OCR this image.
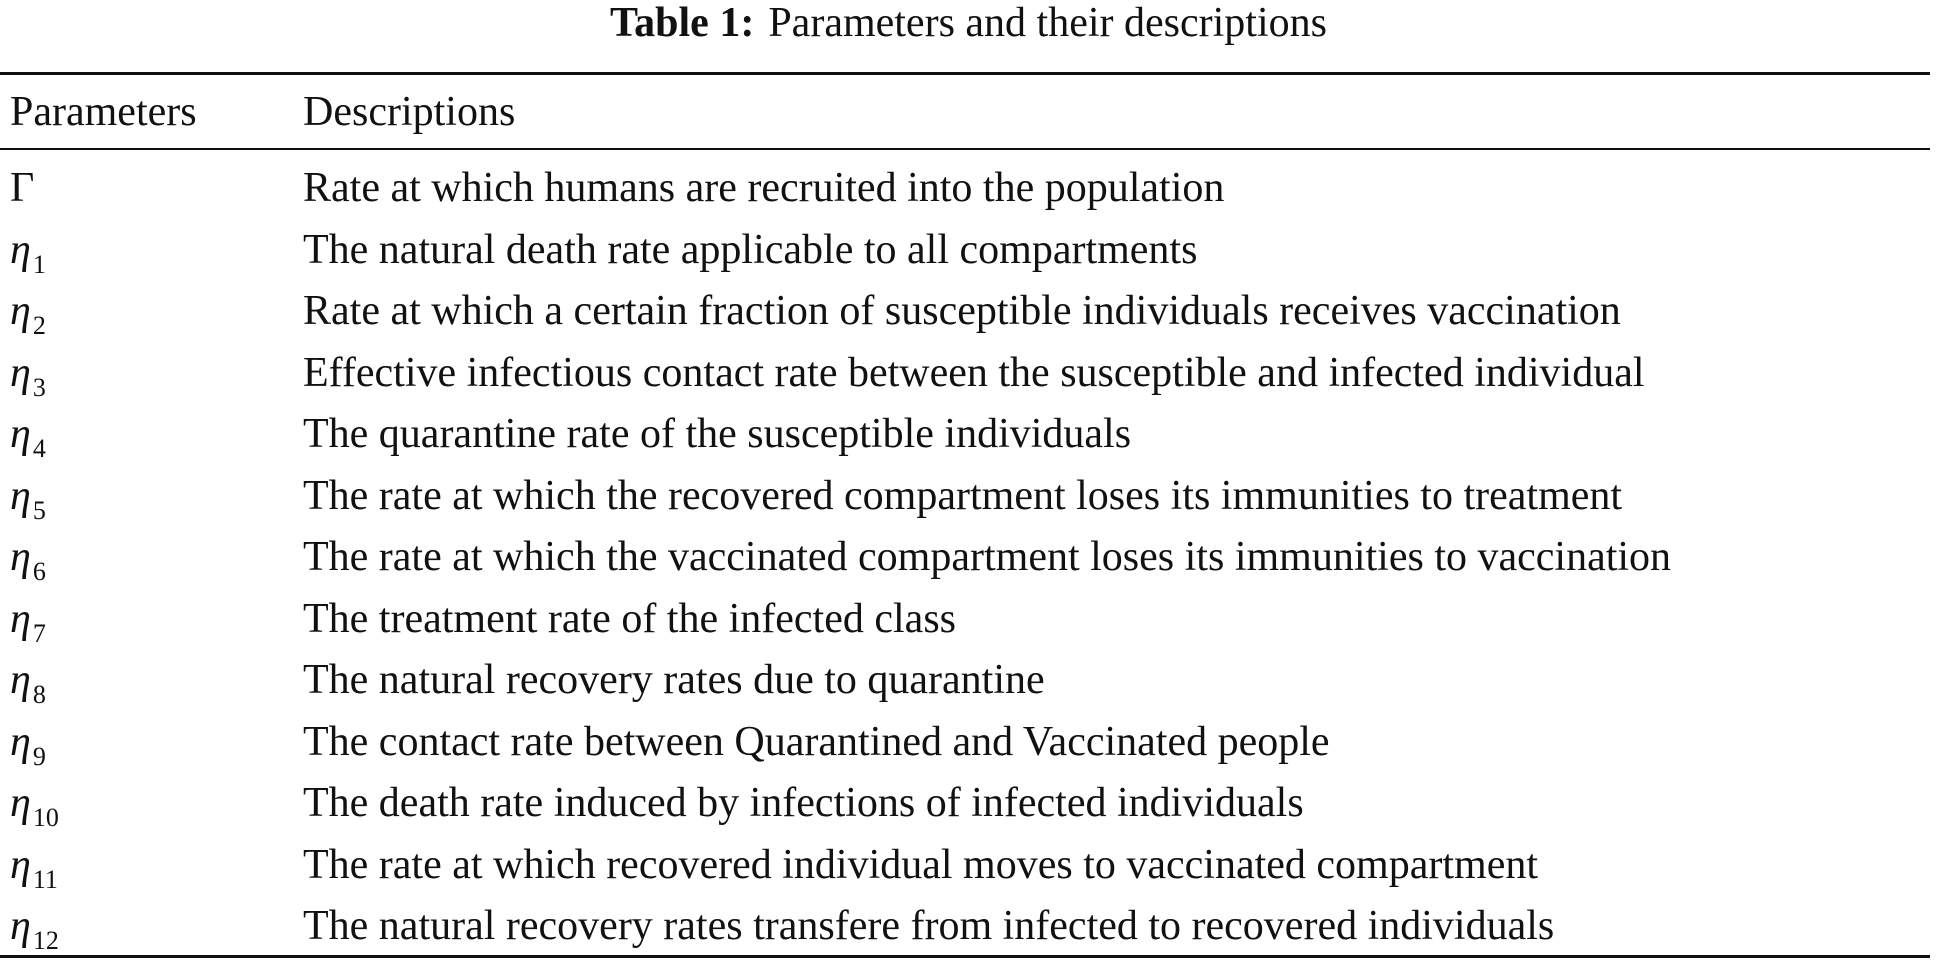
Table 1: Parameters and their descriptions
Parameters	Descriptions
Γ	Rate at which humans are recruited into the population
$\eta_1$	The natural death rate applicable to all compartments
$\eta_2$	Rate at which a certain fraction of susceptible individuals receives vaccination
$\eta_3$	Effective infectious contact rate between the susceptible and infected individual
$\eta_4$	The quarantine rate of the susceptible individuals
$\eta_5$	The rate at which the recovered compartment loses its immunities to treatment
$\eta_6$	The rate at which the vaccinated compartment loses its immunities to vaccination
$\eta_7$	The treatment rate of the infected class
$\eta_8$	The natural recovery rates due to quarantine
$\eta_9$	The contact rate between Quarantined and Vaccinated people
$\eta_{10}$	The death rate induced by infections of infected individuals
$\eta_{11}$	The rate at which recovered individual moves to vaccinated compartment
$\eta_{12}$	The natural recovery rates transfere from infected to recovered individuals
